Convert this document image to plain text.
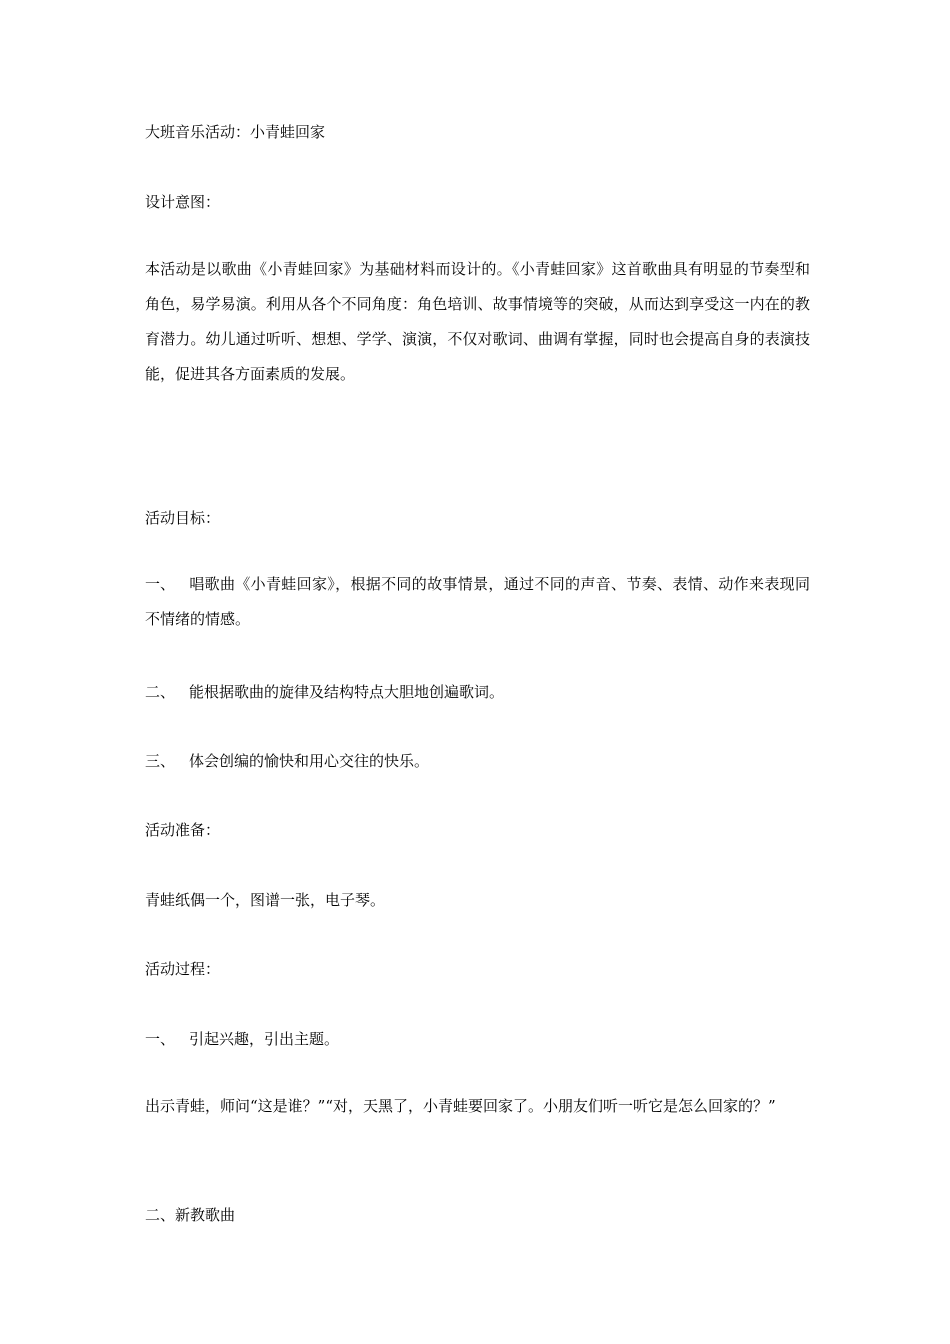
大班音乐活动：小青蛙回家

设计意图：

本活动是以歌曲《小青蛙回家》为基础材料而设计的。《小青蛙回家》这首歌曲具有明显的节奏型和角色，易学易演。利用从各个不同角度：角色培训、故事情境等的突破，从而达到享受这一内在的教育潜力。幼儿通过听听、想想、学学、演演，不仅对歌词、曲调有掌握，同时也会提高自身的表演技能，促进其各方面素质的发展。

活动目标：

一、 唱歌曲《小青蛙回家》，根据不同的故事情景，通过不同的声音、节奏、表情、动作来表现同不情绪的情感。

二、 能根据歌曲的旋律及结构特点大胆地创遍歌词。

三、 体会创编的愉快和用心交往的快乐。

活动准备：

青蛙纸偶一个，图谱一张，电子琴。

活动过程：

一、 引起兴趣，引出主题。

出示青蛙，师问“这是谁？”“对，天黑了，小青蛙要回家了。小朋友们听一听它是怎么回家的？”

二、新教歌曲
